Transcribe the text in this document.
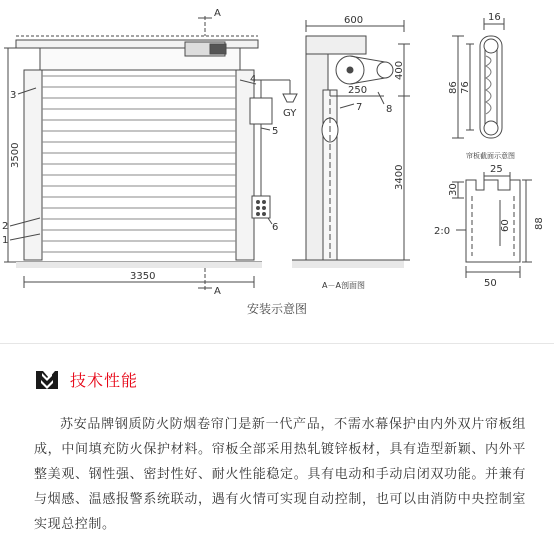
A
A
3500
3350
3
2
1
4
5
6
GY
600
400
250
3400
7 8
A－A剖面图
16
86 76
帘板截面示意图
25
30
60 88
50
2:0
安装示意图
技术性能

苏安品牌钢质防火防烟卷帘门是新一代产品，不需水幕保护由内外双片帘板组成，中间填充防火保护材料。帘板全部采用热轧镀锌板材，具有造型新颖、内外平整美观、钢性强、密封性好、耐火性能稳定。具有电动和手动启闭双功能。并兼有与烟感、温感报警系统联动，遇有火情可实现自动控制，也可以由消防中央控制室实现总控制。
